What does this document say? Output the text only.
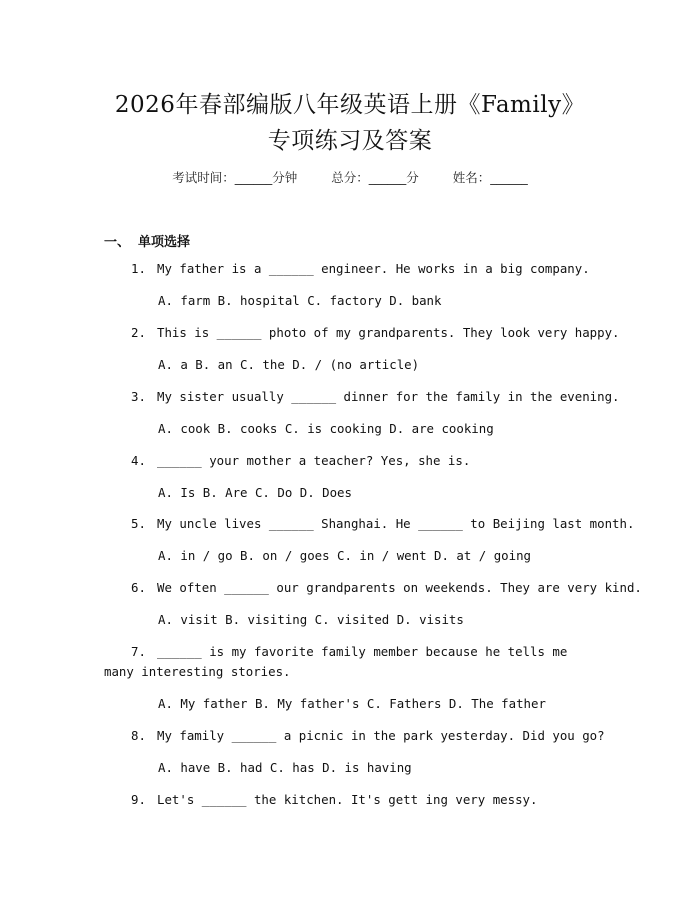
2026年春部编版八年级英语上册《Family》
专项练习及答案
考试时间：______分钟	总分：______分	姓名：______
一、 单项选择
1. My father is a ______ engineer. He works in a big company.
A. farm B. hospital C. factory D. bank
2. This is ______ photo of my grandparents. They look very happy.
A. a B. an C. the D. / (no article)
3. My sister usually ______ dinner for the family in the evening.
A. cook B. cooks C. is cooking D. are cooking
4. ______ your mother a teacher? Yes, she is.
A. Is B. Are C. Do D. Does
5. My uncle lives ______ Shanghai. He ______ to Beijing last month.
A. in / go B. on / goes C. in / went D. at / going
6. We often ______ our grandparents on weekends. They are very kind.
A. visit B. visiting C. visited D. visits
7. ______ is my favorite family member because he tells me many interesting stories.
A. My father B. My father's C. Fathers D. The father
8. My family ______ a picnic in the park yesterday. Did you go?
A. have B. had C. has D. is having
9. Let's ______ the kitchen. It's gett ing very messy.
